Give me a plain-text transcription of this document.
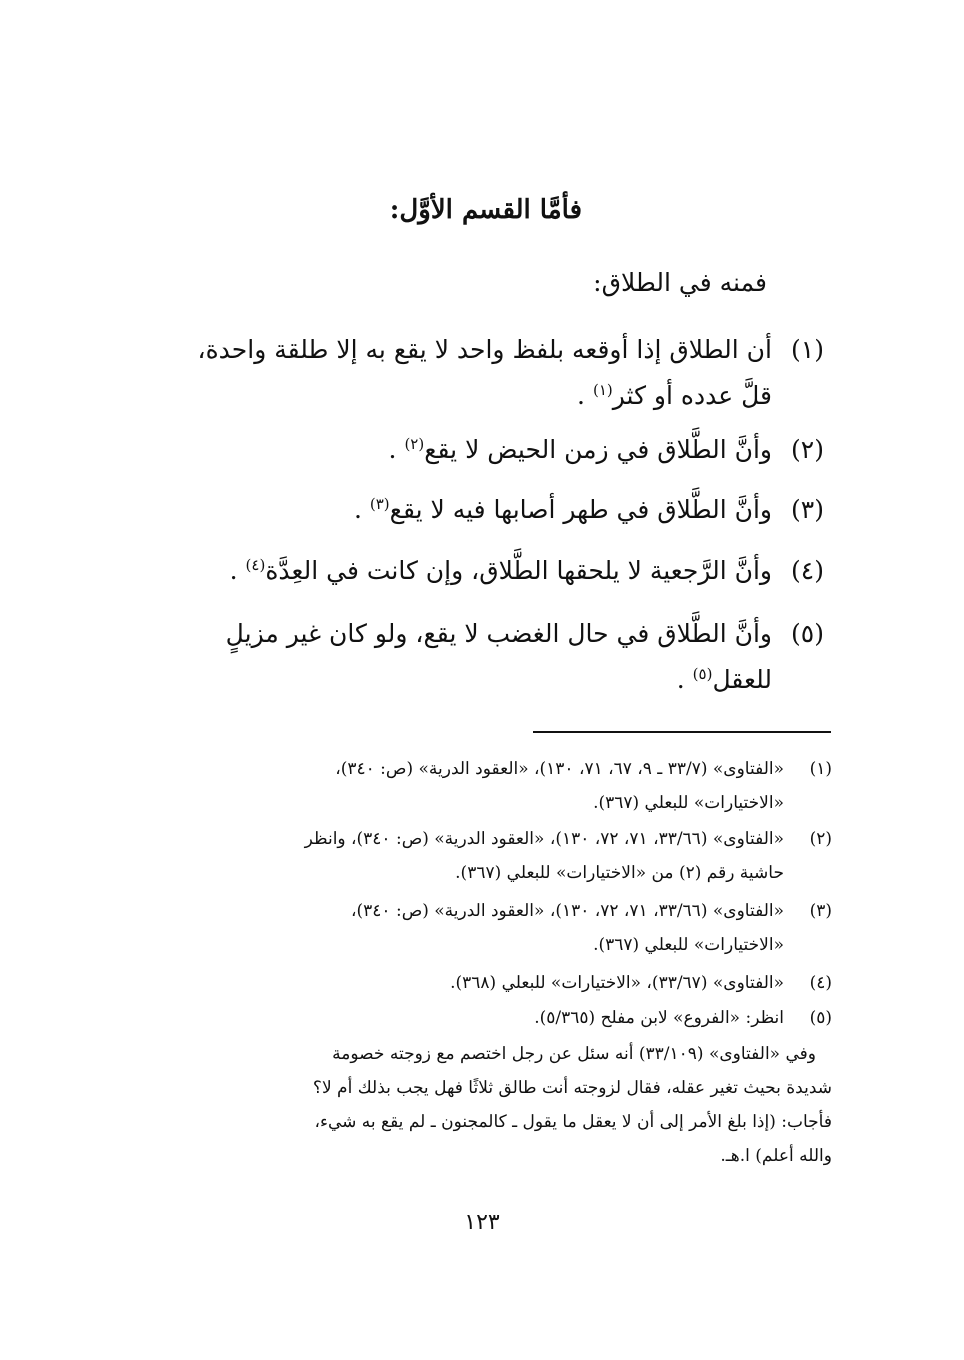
فأمَّا القسم الأوَّل:
فمنه في الطلاق:
(١)أن الطلاق إذا أوقعه بلفظ واحد لا يقع به إلا طلقة واحدة،
قلَّ عدده أو كثر$^{(١)}$ .
(٢)وأنَّ الطَّلاق في زمن الحيض لا يقع$^{(٢)}$ .
(٣)وأنَّ الطَّلاق في طهر أصابها فيه لا يقع$^{(٣)}$ .
(٤)وأنَّ الرَّجعية لا يلحقها الطَّلاق، وإن كانت في العِدَّة$^{(٤)}$ .
(٥)وأنَّ الطَّلاق في حال الغضب لا يقع، ولو كان غير مزيلٍ
للعقل$^{(٥)}$ .
(١)«الفتاوى» (٣٣/٧ ـ ٩، ٦٧، ٧١، ١٣٠)، «العقود الدرية» (ص: ٣٤٠)،
«الاختيارات» للبعلي (٣٦٧).
(٢)«الفتاوى» (٣٣/٦٦، ٧١، ٧٢، ١٣٠)، «العقود الدرية» (ص: ٣٤٠)، وانظر
حاشية رقم (٢) من «الاختيارات» للبعلي (٣٦٧).
(٣)«الفتاوى» (٣٣/٦٦، ٧١، ٧٢، ١٣٠)، «العقود الدرية» (ص: ٣٤٠)،
«الاختيارات» للبعلي (٣٦٧).
(٤)«الفتاوى» (٣٣/٦٧)، «الاختيارات» للبعلي (٣٦٨).
(٥)انظر: «الفروع» لابن مفلح (٥/٣٦٥).
وفي «الفتاوى» (٣٣/١٠٩) أنه سئل عن رجل اختصم مع زوجته خصومة
شديدة بحيث تغير عقله، فقال لزوجته أنت طالق ثلاثًا فهل يجب بذلك أم لا؟
فأجاب: (إذا بلغ الأمر إلى أن لا يعقل ما يقول ـ كالمجنون ـ لم يقع به شيء،
والله أعلم) ا.هـ.
١٢٣
